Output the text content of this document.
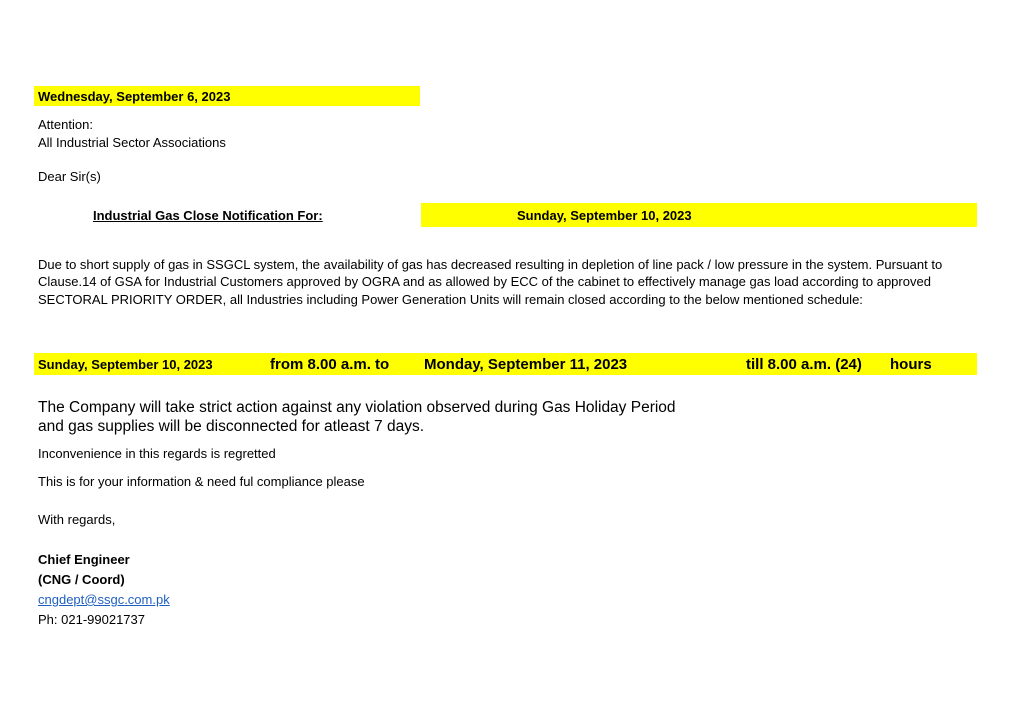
Wednesday, September 6, 2023
Attention:
All Industrial Sector Associations
Dear Sir(s)
Industrial Gas Close Notification For:	Sunday, September 10, 2023
Due to short supply of gas in SSGCL system, the availability of gas has decreased resulting in depletion of line pack / low pressure in the system. Pursuant to Clause.14 of GSA for Industrial Customers approved by OGRA and as allowed by ECC of the cabinet to effectively manage gas load according to approved SECTORAL PRIORITY ORDER, all Industries including Power Generation Units will remain closed according to the below mentioned schedule:
Sunday, September 10, 2023	from 8.00 a.m. to Monday, September 11, 2023	till 8.00 a.m. (24) hours
The Company will take strict action against any violation observed during Gas Holiday Period
and gas supplies will be disconnected for atleast 7 days.
Inconvenience in this regards is regretted
This is for your information & need ful compliance please
With regards,
Chief Engineer
(CNG / Coord)
cngdept@ssgc.com.pk
Ph: 021-99021737
